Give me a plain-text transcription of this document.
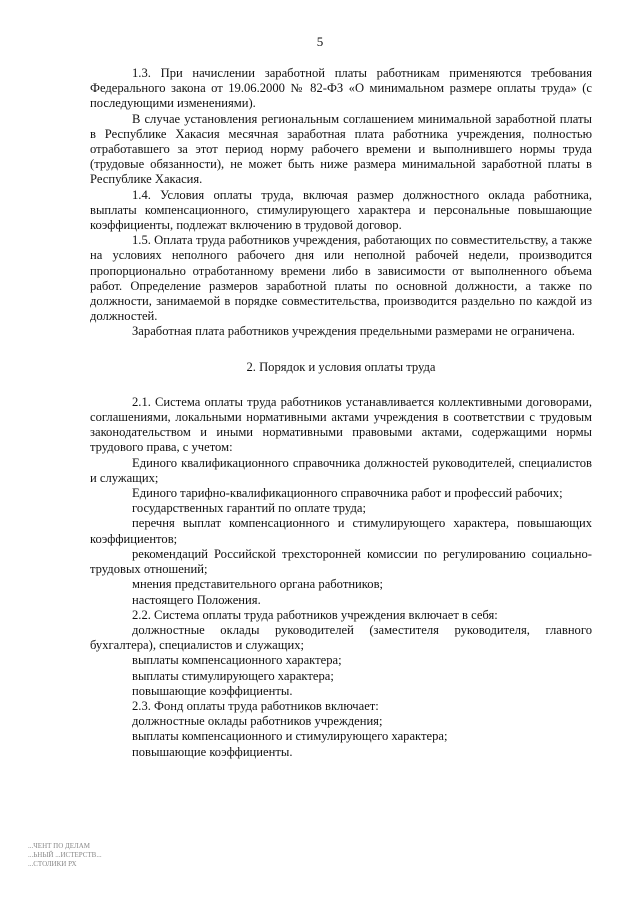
5

1.3. При начислении заработной платы работникам применяются требования Федерального закона от 19.06.2000 № 82-ФЗ «О минимальном размере оплаты труда» (с последующими изменениями).

В случае установления региональным соглашением минимальной заработной платы в Республике Хакасия месячная заработная плата работника учреждения, полностью отработавшего за этот период норму рабочего времени и выполнившего нормы труда (трудовые обязанности), не может быть ниже размера минимальной заработной платы в Республике Хакасия.

1.4. Условия оплаты труда, включая размер должностного оклада работника, выплаты компенсационного, стимулирующего характера и персональные повышающие коэффициенты, подлежат включению в трудовой договор.

1.5. Оплата труда работников учреждения, работающих по совместительству, а также на условиях неполного рабочего дня или неполной рабочей недели, производится пропорционально отработанному времени либо в зависимости от выполненного объема работ. Определение размеров заработной платы по основной должности, а также по должности, занимаемой в порядке совместительства, производится раздельно по каждой из должностей.

Заработная плата работников учреждения предельными размерами не ограничена.

2. Порядок и условия оплаты труда

2.1. Система оплаты труда работников устанавливается коллективными договорами, соглашениями, локальными нормативными актами учреждения в соответствии с трудовым законодательством и иными нормативными правовыми актами, содержащими нормы трудового права, с учетом:

Единого квалификационного справочника должностей руководителей, специалистов и служащих;

Единого тарифно-квалификационного справочника работ и профессий рабочих;

государственных гарантий по оплате труда;

перечня выплат компенсационного и стимулирующего характера, повышающих коэффициентов;

рекомендаций Российской трехсторонней комиссии по регулированию социально-трудовых отношений;

мнения представительного органа работников;

настоящего Положения.

2.2. Система оплаты труда работников учреждения включает в себя:

должностные оклады руководителей (заместителя руководителя, главного бухгалтера), специалистов и служащих;

выплаты компенсационного характера;

выплаты стимулирующего характера;

повышающие коэффициенты.

2.3. Фонд оплаты труда работников включает:

должностные оклады работников учреждения;

выплаты компенсационного и стимулирующего характера;

повышающие коэффициенты.

...ЧЕНТ ПО ДЕЛАМ
...ЬНЫЙ ...ИСТЕРСТВ...
...СТОЛИКИ РХ
